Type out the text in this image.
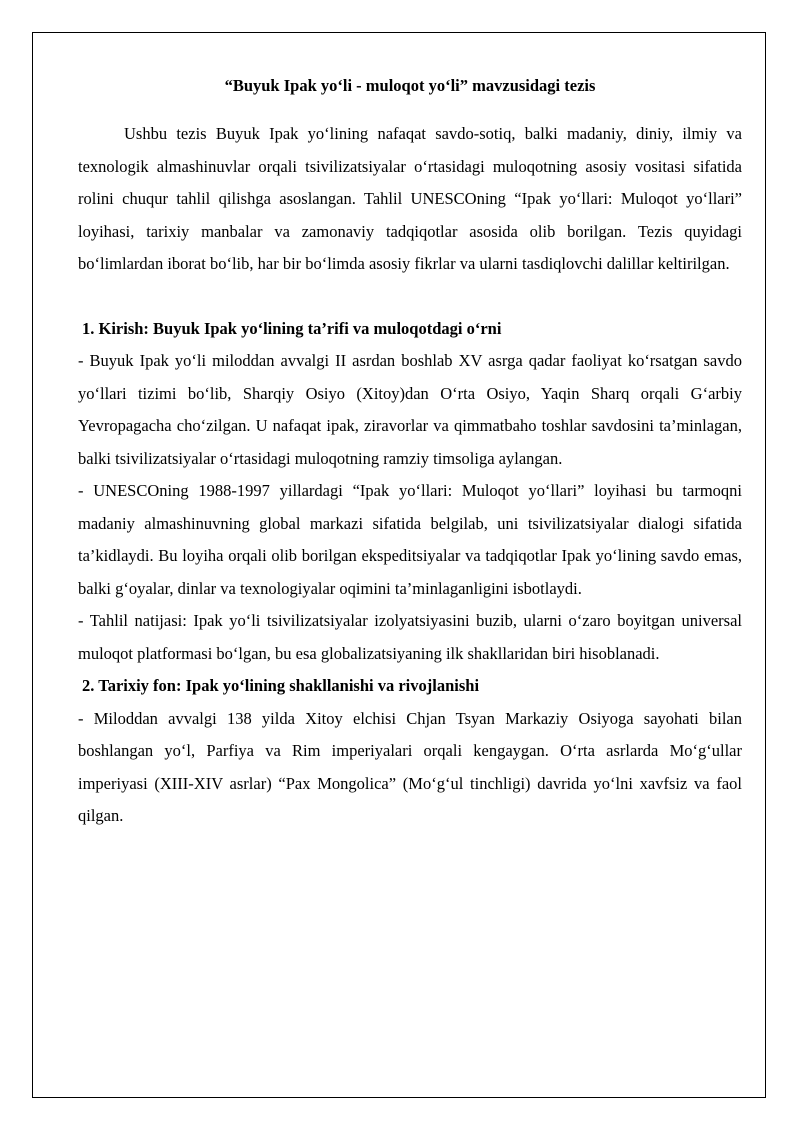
“Buyuk Ipak yo‘li - muloqot yo‘li” mavzusidagi tezis

Ushbu tezis Buyuk Ipak yo‘lining nafaqat savdo-sotiq, balki madaniy, diniy, ilmiy va texnologik almashinuvlar orqali tsivilizatsiyalar o‘rtasidagi muloqotning asosiy vositasi sifatida rolini chuqur tahlil qilishga asoslangan. Tahlil UNESCOning “Ipak yo‘llari: Muloqot yo‘llari” loyihasi, tarixiy manbalar va zamonaviy tadqiqotlar asosida olib borilgan. Tezis quyidagi bo‘limlardan iborat bo‘lib, har bir bo‘limda asosiy fikrlar va ularni tasdiqlovchi dalillar keltirilgan.

1. Kirish: Buyuk Ipak yo‘lining ta’rifi va muloqotdagi o‘rni

- Buyuk Ipak yo‘li miloddan avvalgi II asrdan boshlab XV asrga qadar faoliyat ko‘rsatgan savdo yo‘llari tizimi bo‘lib, Sharqiy Osiyo (Xitoy)dan O‘rta Osiyo, Yaqin Sharq orqali G‘arbiy Yevropagacha cho‘zilgan. U nafaqat ipak, ziravorlar va qimmatbaho toshlar savdosini ta’minlagan, balki tsivilizatsiyalar o‘rtasidagi muloqotning ramziy timsoliga aylangan.

- UNESCOning 1988-1997 yillardagi “Ipak yo‘llari: Muloqot yo‘llari” loyihasi bu tarmoqni madaniy almashinuvning global markazi sifatida belgilab, uni tsivilizatsiyalar dialogi sifatida ta’kidlaydi. Bu loyiha orqali olib borilgan ekspeditsiyalar va tadqiqotlar Ipak yo‘lining savdo emas, balki g‘oyalar, dinlar va texnologiyalar oqimini ta’minlaganligini isbotlaydi.

- Tahlil natijasi: Ipak yo‘li tsivilizatsiyalar izolyatsiyasini buzib, ularni o‘zaro boyitgan universal muloqot platformasi bo‘lgan, bu esa globalizatsiyaning ilk shakllaridan biri hisoblanadi.

2. Tarixiy fon: Ipak yo‘lining shakllanishi va rivojlanishi

- Miloddan avvalgi 138 yilda Xitoy elchisi Chjan Tsyan Markaziy Osiyoga sayohati bilan boshlangan yo‘l, Parfiya va Rim imperiyalari orqali kengaygan. O‘rta asrlarda Mo‘g‘ullar imperiyasi (XIII-XIV asrlar) “Pax Mongolica” (Mo‘g‘ul tinchligi) davrida yo‘lni xavfsiz va faol qilgan.
